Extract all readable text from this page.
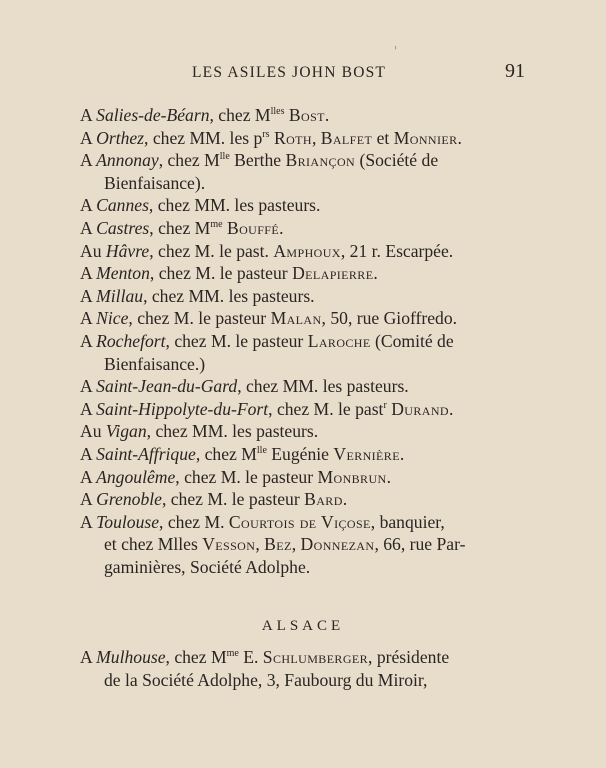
LES ASILES JOHN BOST	91
A Salies-de-Béarn, chez $M^{lles}$ Bost.
A Orthez, chez MM. les $p^{rs}$ Roth, Balfet et Monnier.
A Annonay, chez $M^{lle}$ Berthe Briançon (Société de
Bienfaisance).
A Cannes, chez MM. les pasteurs.
A Castres, chez $M^{me}$ Bouffé.
Au Hâvre, chez M. le past. Amphoux, 21 r. Escarpée.
A Menton, chez M. le pasteur Delapierre.
A Millau, chez MM. les pasteurs.
A Nice, chez M. le pasteur Malan, 50, rue Gioffredo.
A Rochefort, chez M. le pasteur Laroche (Comité de
Bienfaisance.)
A Saint-Jean-du-Gard, chez MM. les pasteurs.
A Saint-Hippolyte-du-Fort, chez M. le past$^r$ Durand.
Au Vigan, chez MM. les pasteurs.
A Saint-Affrique, chez $M^{lle}$ Eugénie Vernière.
A Angoulême, chez M. le pasteur Monbrun.
A Grenoble, chez M. le pasteur Bard.
A Toulouse, chez M. Courtois de Viçose, banquier,
et chez Mlles Vesson, Bez, Donnezan, 66, rue Par-
gaminières, Société Adolphe.
ALSACE
A Mulhouse, chez $M^{me}$ E. Schlumberger, présidente
de la Société Adolphe, 3, Faubourg du Miroir,
'
